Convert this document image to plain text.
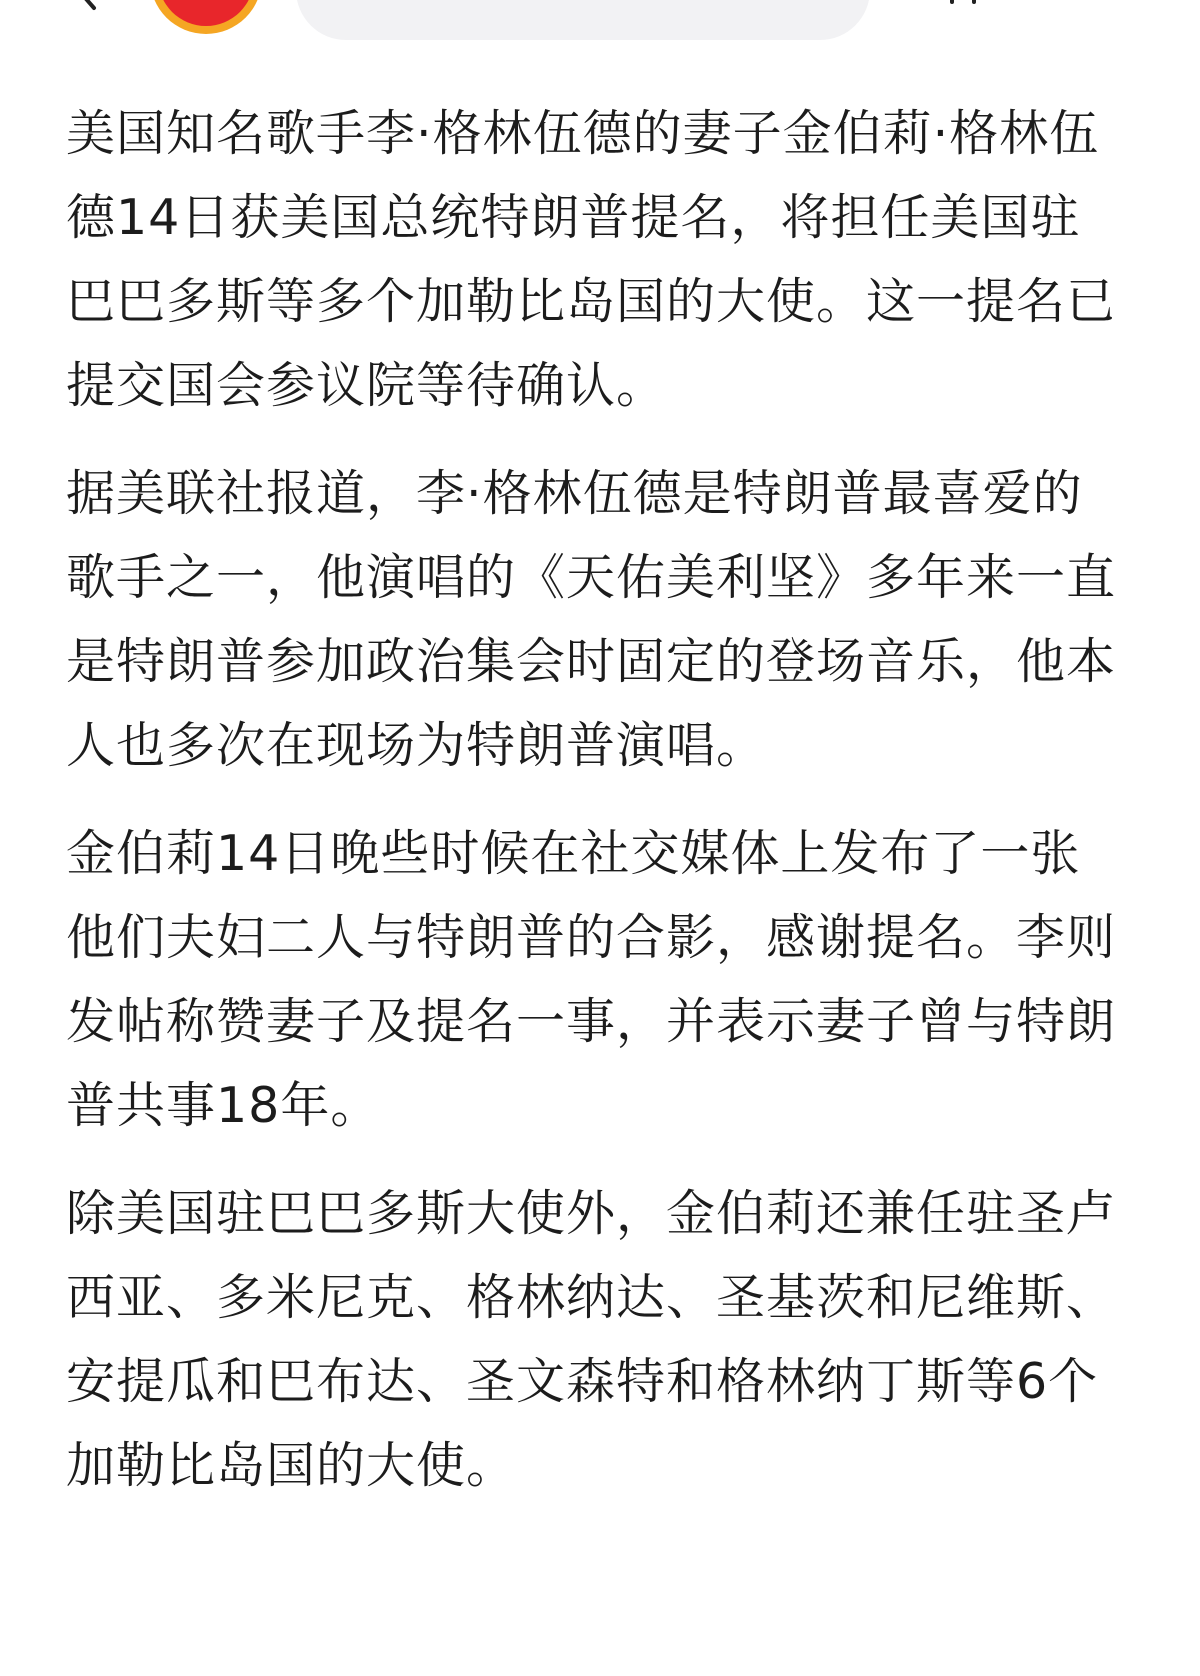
美国知名歌手李·格林伍德的妻子金伯莉·格林伍德14日获美国总统特朗普提名，将担任美国驻巴巴多斯等多个加勒比岛国的大使。这一提名已提交国会参议院等待确认。

据美联社报道，李·格林伍德是特朗普最喜爱的歌手之一，他演唱的《天佑美利坚》多年来一直是特朗普参加政治集会时固定的登场音乐，他本人也多次在现场为特朗普演唱。

金伯莉14日晚些时候在社交媒体上发布了一张他们夫妇二人与特朗普的合影，感谢提名。李则发帖称赞妻子及提名一事，并表示妻子曾与特朗普共事18年。

除美国驻巴巴多斯大使外，金伯莉还兼任驻圣卢西亚、多米尼克、格林纳达、圣基茨和尼维斯、安提瓜和巴布达、圣文森特和格林纳丁斯等6个加勒比岛国的大使。
